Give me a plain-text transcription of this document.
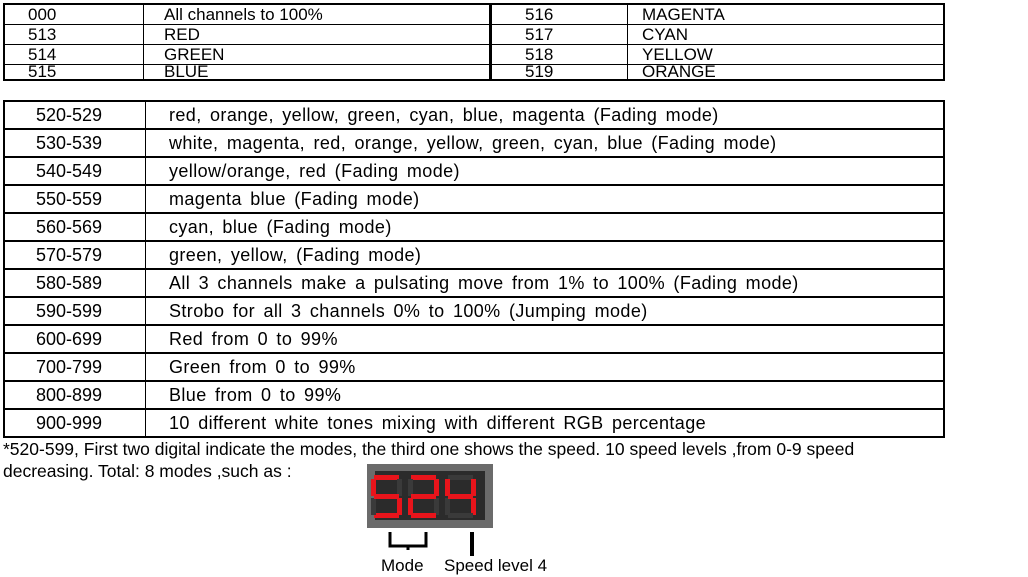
000	All channels to 100%	516	MAGENTA
513	RED	517	CYAN
514	GREEN	518	YELLOW
515	BLUE	519	ORANGE
520-529	red, orange, yellow, green, cyan, blue, magenta (Fading mode)
530-539	white, magenta, red, orange, yellow, green, cyan, blue (Fading mode)
540-549	yellow/orange, red (Fading mode)
550-559	magenta blue (Fading mode)
560-569	cyan, blue (Fading mode)
570-579	green, yellow, (Fading mode)
580-589	All 3 channels make a pulsating move from 1% to 100% (Fading mode)
590-599	Strobo for all 3 channels 0% to 100% (Jumping mode)
600-699	Red from 0 to 99%
700-799	Green from 0 to 99%
800-899	Blue from 0 to 99%
900-999	10 different white tones mixing with different RGB percentage

*520-599, First two digital indicate the modes, the third one shows the speed. 10 speed levels ,from 0-9 speed
decreasing. Total: 8 modes ,such as :

Mode Speed level 4
